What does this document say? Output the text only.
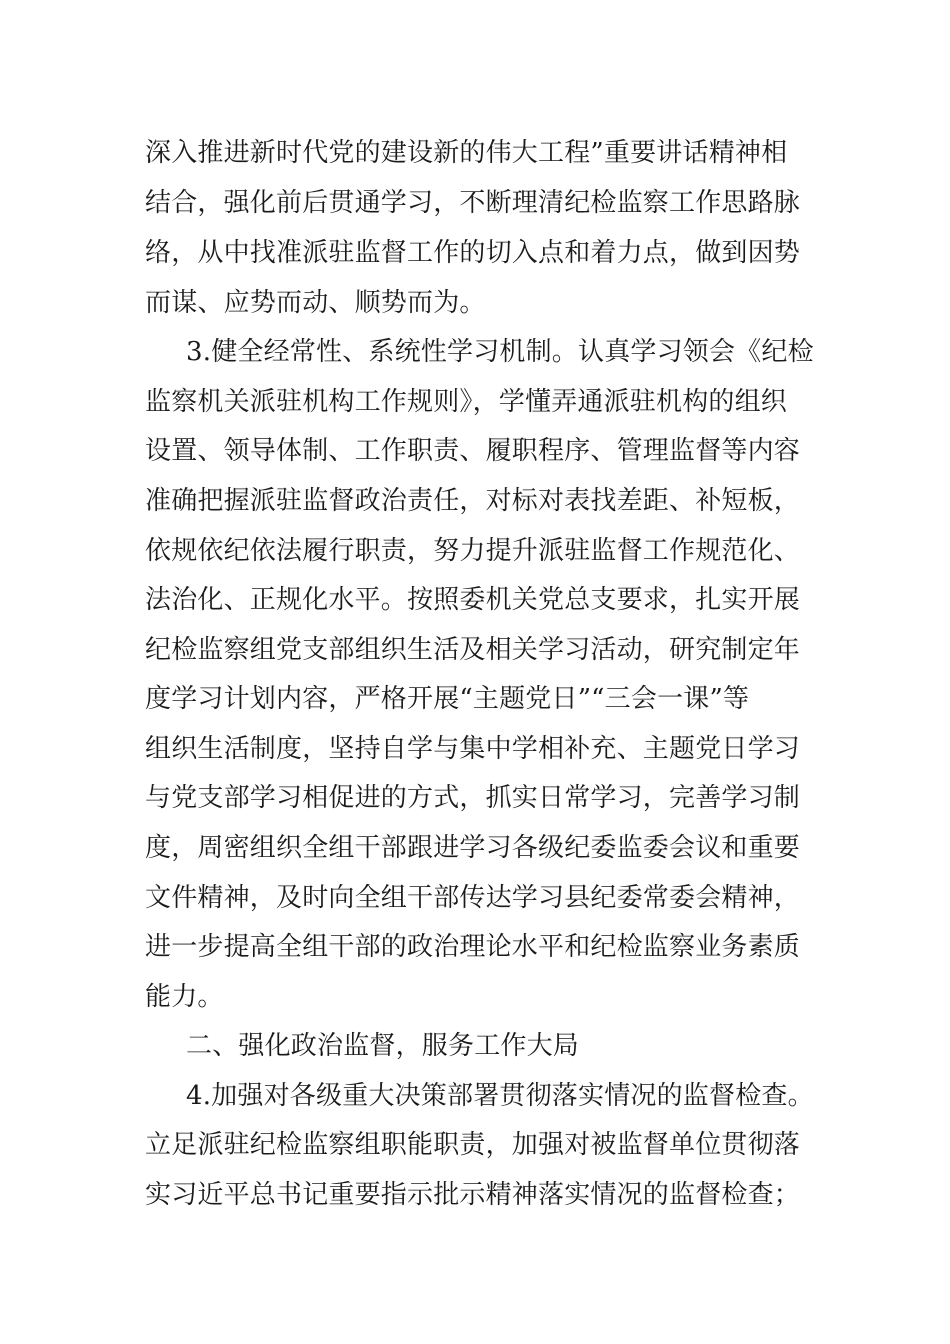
深入推进新时代党的建设新的伟大工程”重要讲话精神相
结合，强化前后贯通学习，不断理清纪检监察工作思路脉
络，从中找准派驻监督工作的切入点和着力点，做到因势
而谋、应势而动、顺势而为。
3.健全经常性、系统性学习机制。认真学习领会《纪检
监察机关派驻机构工作规则》，学懂弄通派驻机构的组织
设置、领导体制、工作职责、履职程序、管理监督等内容
准确把握派驻监督政治责任，对标对表找差距、补短板，
依规依纪依法履行职责，努力提升派驻监督工作规范化、
法治化、正规化水平。按照委机关党总支要求，扎实开展
纪检监察组党支部组织生活及相关学习活动，研究制定年
度学习计划内容，严格开展“主题党日”“三会一课”等
组织生活制度，坚持自学与集中学相补充、主题党日学习
与党支部学习相促进的方式，抓实日常学习，完善学习制
度，周密组织全组干部跟进学习各级纪委监委会议和重要
文件精神，及时向全组干部传达学习县纪委常委会精神，
进一步提高全组干部的政治理论水平和纪检监察业务素质
能力。
二、强化政治监督，服务工作大局
4.加强对各级重大决策部署贯彻落实情况的监督检查。
立足派驻纪检监察组职能职责，加强对被监督单位贯彻落
实习近平总书记重要指示批示精神落实情况的监督检查；
